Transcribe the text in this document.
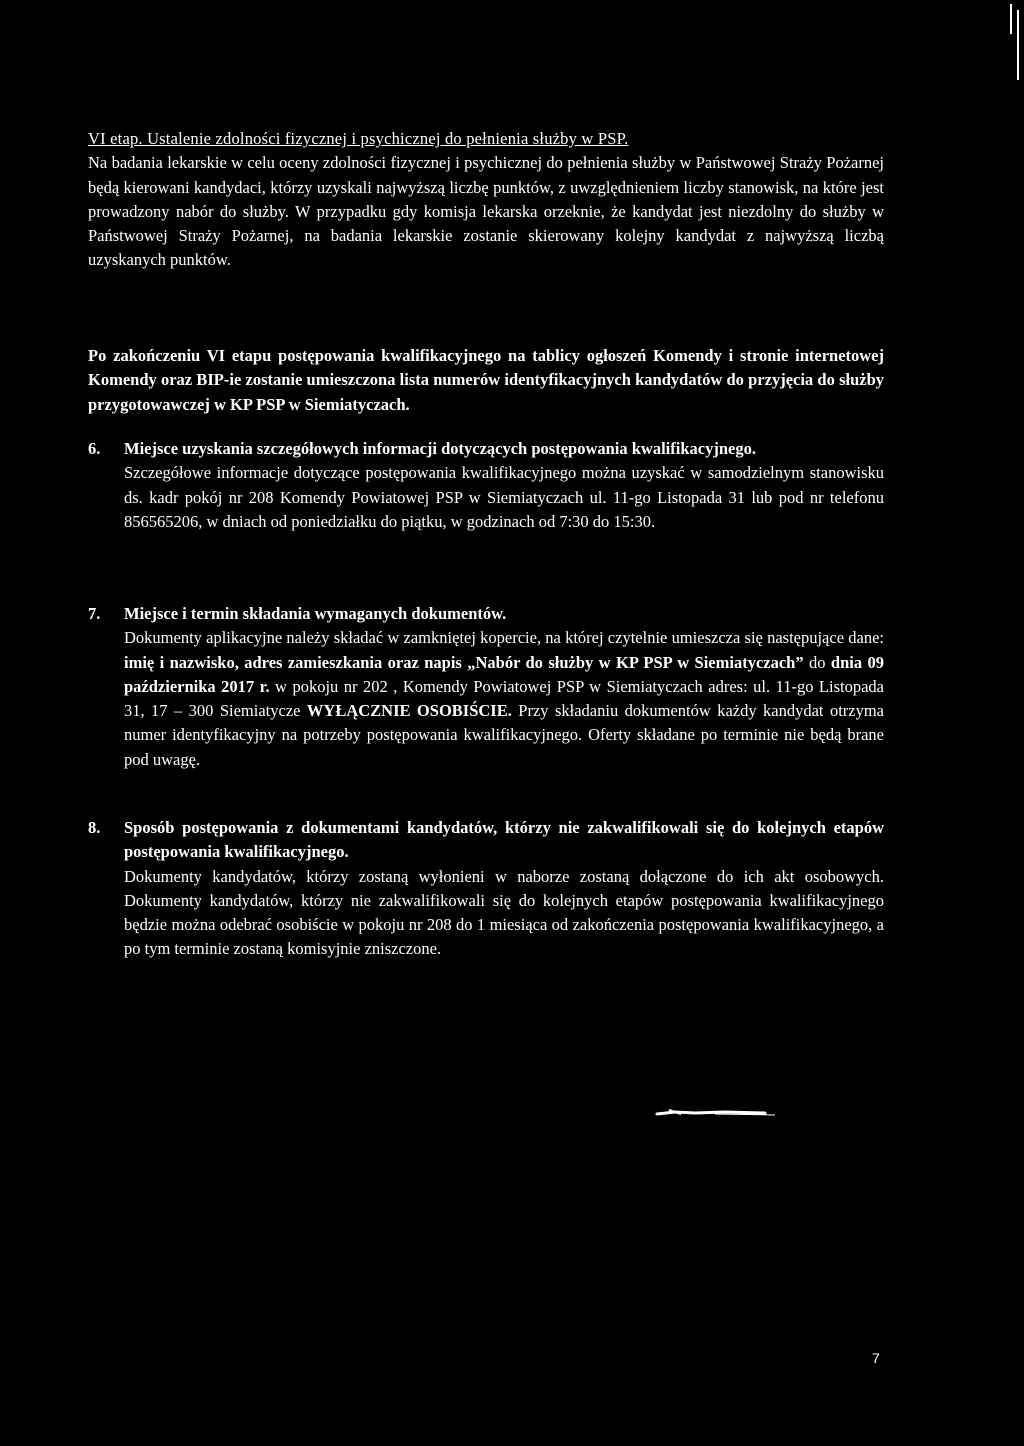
VI etap. Ustalenie zdolności fizycznej i psychicznej do pełnienia służby w PSP.

Na badania lekarskie w celu oceny zdolności fizycznej i psychicznej do pełnienia służby w Państwowej Straży Pożarnej będą kierowani kandydaci, którzy uzyskali najwyższą liczbę punktów, z uwzględnieniem liczby stanowisk, na które jest prowadzony nabór do służby. W przypadku gdy komisja lekarska orzeknie, że kandydat jest niezdolny do służby w Państwowej Straży Pożarnej, na badania lekarskie zostanie skierowany kolejny kandydat z najwyższą liczbą uzyskanych punktów.

Po zakończeniu VI etapu postępowania kwalifikacyjnego na tablicy ogłoszeń Komendy i stronie internetowej Komendy oraz BIP-ie zostanie umieszczona lista numerów identyfikacyjnych kandydatów do przyjęcia do służby przygotowawczej w KP PSP w Siemiatyczach.

6. Miejsce uzyskania szczegółowych informacji dotyczących postępowania kwalifikacyjnego.

Szczegółowe informacje dotyczące postępowania kwalifikacyjnego można uzyskać w samodzielnym stanowisku ds. kadr pokój nr 208 Komendy Powiatowej PSP w Siemiatyczach ul. 11-go Listopada 31 lub pod nr telefonu 856565206, w dniach od poniedziałku do piątku, w godzinach od 7:30 do 15:30.

7. Miejsce i termin składania wymaganych dokumentów.

Dokumenty aplikacyjne należy składać w zamkniętej kopercie, na której czytelnie umieszcza się następujące dane: imię i nazwisko, adres zamieszkania oraz napis „Nabór do służby w KP PSP w Siemiatyczach” do dnia 09 października 2017 r. w pokoju nr 202 , Komendy Powiatowej PSP w Siemiatyczach adres: ul. 11-go Listopada 31, 17 – 300 Siemiatycze WYŁĄCZNIE OSOBIŚCIE. Przy składaniu dokumentów każdy kandydat otrzyma numer identyfikacyjny na potrzeby postępowania kwalifikacyjnego. Oferty składane po terminie nie będą brane pod uwagę.

8. Sposób postępowania z dokumentami kandydatów, którzy nie zakwalifikowali się do kolejnych etapów postępowania kwalifikacyjnego.

Dokumenty kandydatów, którzy zostaną wyłonieni w naborze zostaną dołączone do ich akt osobowych. Dokumenty kandydatów, którzy nie zakwalifikowali się do kolejnych etapów postępowania kwalifikacyjnego będzie można odebrać osobiście w pokoju nr 208 do 1 miesiąca od zakończenia postępowania kwalifikacyjnego, a po tym terminie zostaną komisyjnie zniszczone.

7
